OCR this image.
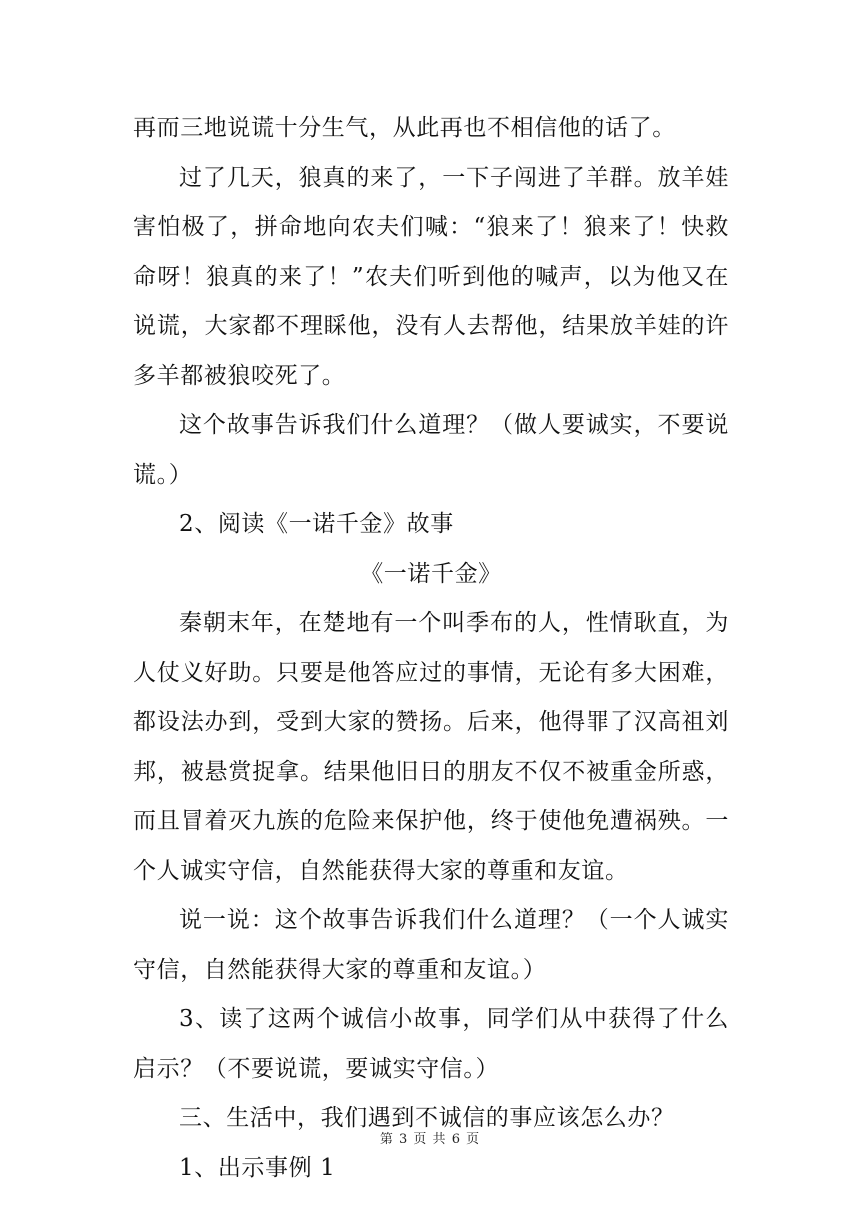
再而三地说谎十分生气，从此再也不相信他的话了。

过了几天，狼真的来了，一下子闯进了羊群。放羊娃害怕极了，拼命地向农夫们喊：“狼来了！狼来了！快救命呀！狼真的来了！”农夫们听到他的喊声，以为他又在说谎，大家都不理睬他，没有人去帮他，结果放羊娃的许多羊都被狼咬死了。

这个故事告诉我们什么道理？（做人要诚实，不要说谎。）

2、阅读《一诺千金》故事

《一诺千金》

秦朝末年，在楚地有一个叫季布的人，性情耿直，为人仗义好助。只要是他答应过的事情，无论有多大困难，都设法办到，受到大家的赞扬。后来，他得罪了汉高祖刘邦，被悬赏捉拿。结果他旧日的朋友不仅不被重金所惑，而且冒着灭九族的危险来保护他，终于使他免遭祸殃。一个人诚实守信，自然能获得大家的尊重和友谊。

说一说：这个故事告诉我们什么道理？（一个人诚实守信，自然能获得大家的尊重和友谊。）

3、读了这两个诚信小故事，同学们从中获得了什么启示？（不要说谎，要诚实守信。）

三、生活中，我们遇到不诚信的事应该怎么办？

1、出示事例 1

第 3 页 共 6 页
